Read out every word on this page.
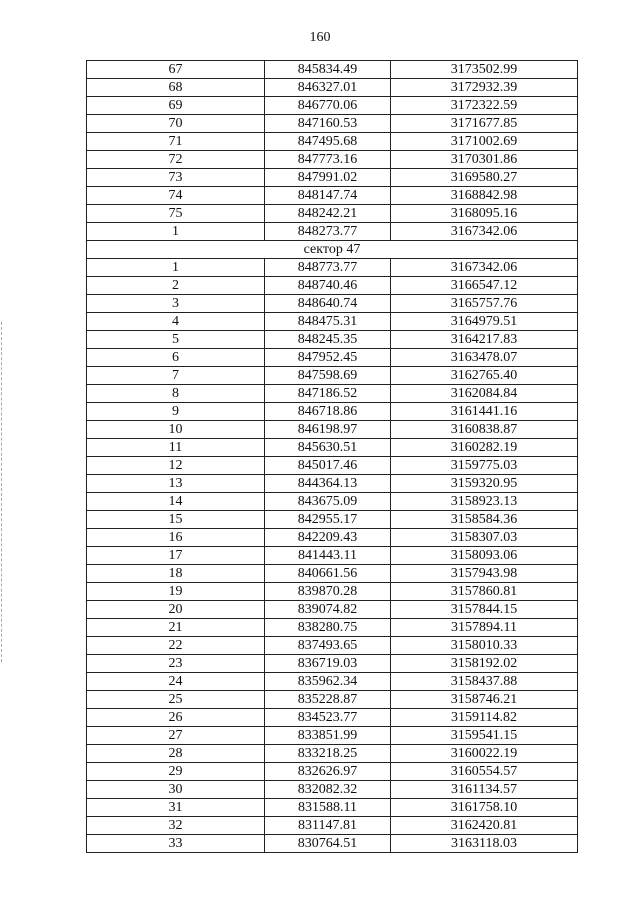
160
67	845834.49	3173502.99
68	846327.01	3172932.39
69	846770.06	3172322.59
70	847160.53	3171677.85
71	847495.68	3171002.69
72	847773.16	3170301.86
73	847991.02	3169580.27
74	848147.74	3168842.98
75	848242.21	3168095.16
1	848273.77	3167342.06
сектор 47		
1	848773.77	3167342.06
2	848740.46	3166547.12
3	848640.74	3165757.76
4	848475.31	3164979.51
5	848245.35	3164217.83
6	847952.45	3163478.07
7	847598.69	3162765.40
8	847186.52	3162084.84
9	846718.86	3161441.16
10	846198.97	3160838.87
11	845630.51	3160282.19
12	845017.46	3159775.03
13	844364.13	3159320.95
14	843675.09	3158923.13
15	842955.17	3158584.36
16	842209.43	3158307.03
17	841443.11	3158093.06
18	840661.56	3157943.98
19	839870.28	3157860.81
20	839074.82	3157844.15
21	838280.75	3157894.11
22	837493.65	3158010.33
23	836719.03	3158192.02
24	835962.34	3158437.88
25	835228.87	3158746.21
26	834523.77	3159114.82
27	833851.99	3159541.15
28	833218.25	3160022.19
29	832626.97	3160554.57
30	832082.32	3161134.57
31	831588.11	3161758.10
32	831147.81	3162420.81
33	830764.51	3163118.03
